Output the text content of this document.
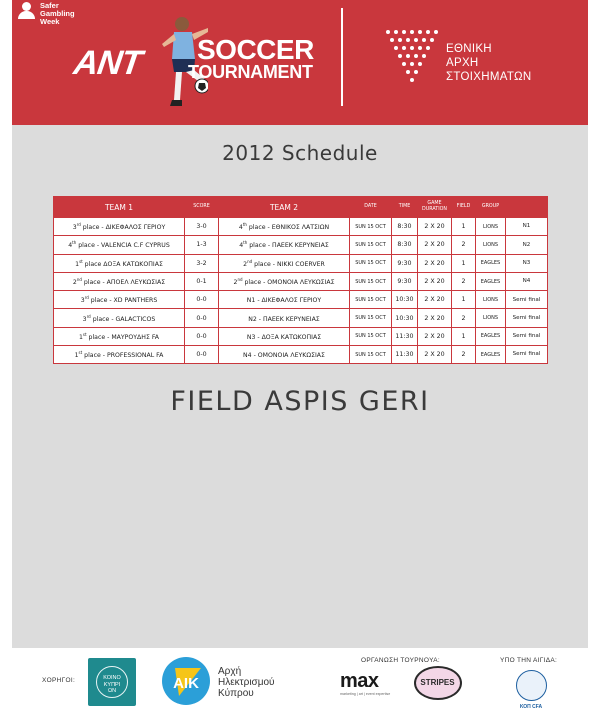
Safer
Gambling
Week
ANT SOCCER
TOURNAMENT
ΕΘΝΙΚΗ
ΑΡΧΗ
ΣΤΟΙΧΗΜΑΤΩΝ
2012 Schedule
TEAM 1	SCORE	TEAM 2	DATE	TIME	GAME DURATION	FIELD	GROUP	
3rd place - ΔΙΚΕΦΑΛΟΣ ΓΕΡΙΟΥ	3-0	4th place - ΕΘΝΙΚΟΣ ΛΑΤΣΙΩΝ	SUN 15 OCT	8:30	2 X 20	1	LIONS	N1
4th place - VALENCIA C.F CYPRUS	1-3	4th place - ΠΑΕΕΚ ΚΕΡΥΝΕΙΑΣ	SUN 15 OCT	8:30	2 X 20	2	LIONS	N2
1st place ΔΟΞΑ ΚΑΤΩΚΟΠΙΑΣ	3-2	2nd place - NIKKI COERVER	SUN 15 OCT	9:30	2 X 20	1	EAGLES	N3
2nd place - ΑΠΟΕΛ ΛΕΥΚΩΣΙΑΣ	0-1	2nd place - ΟΜΟΝΟΙΑ ΛΕΥΚΩΣΙΑΣ	SUN 15 OCT	9:30	2 X 20	2	EAGLES	N4
3rd place - XD PANTHERS	0-0	N1 - ΔΙΚΕΦΑΛΟΣ ΓΕΡΙΟΥ	SUN 15 OCT	10:30	2 X 20	1	LIONS	Semi final
3rd place - GALACTICOS	0-0	N2 - ΠΑΕΕΚ ΚΕΡΥΝΕΙΑΣ	SUN 15 OCT	10:30	2 X 20	2	LIONS	Semi final
1st place - ΜΑΥΡΟΥΔΗΣ FA	0-0	N3 - ΔΟΞΑ ΚΑΤΩΚΟΠΙΑΣ	SUN 15 OCT	11:30	2 X 20	1	EAGLES	Semi final
1st place - PROFESSIONAL FA	0-0	N4 - ΟΜΟΝΟΙΑ ΛΕΥΚΩΣΙΑΣ	SUN 15 OCT	11:30	2 X 20	2	EAGLES	Semi final
FIELD ASPIS GERI
ΧΟΡΗΓΟΙ:	ΚΟΙΝΟ
ΚΥΠΡΙ
ΩΝ	AIK
Αρχή
Ηλεκτρισμού
Κύπρου
ΟΡΓΑΝΩΣΗ ΤΟΥΡΝΟΥΑ:
max
marketing | art | event expertise
STRIPES
ΥΠΟ ΤΗΝ ΑΙΓΙΔΑ:
ΚΟΠ CFA
